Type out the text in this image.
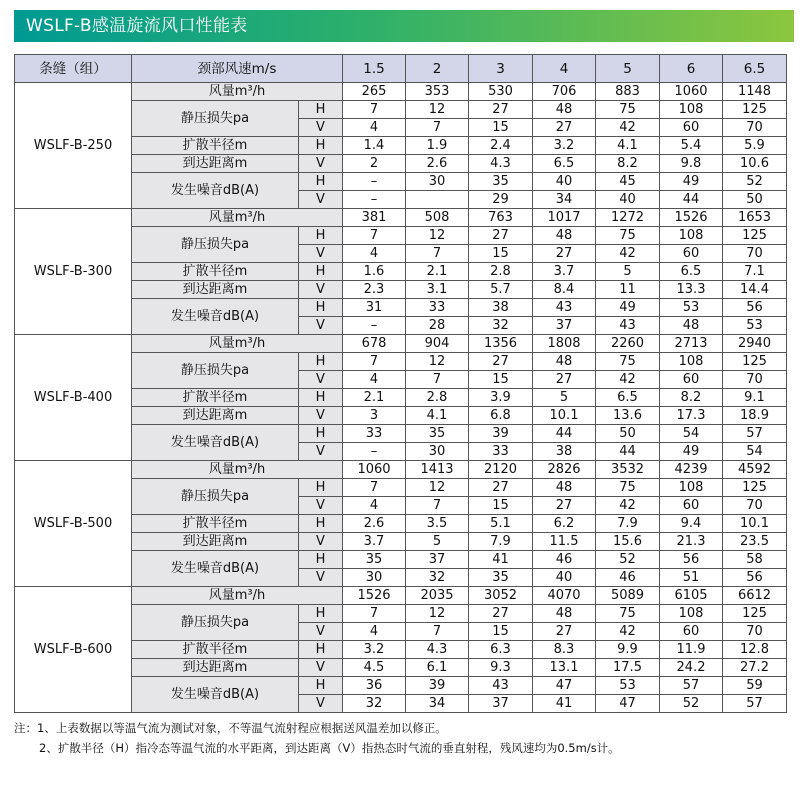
WSLF-B感温旋流风口性能表
条缝（组）	颈部风速m/s		1.5	2	3	4	5	6	6.5
WSLF-B-250	风量m³/h		265	353	530	706	883	1060	1148
	静压损失pa	H	7	12	27	48	75	108	125
		V	4	7	15	27	42	60	70
	扩散半径m	H	1.4	1.9	2.4	3.2	4.1	5.4	5.9
	到达距离m	V	2	2.6	4.3	6.5	8.2	9.8	10.6
	发生噪音dB(A)	H	–	30	35	40	45	49	52
		V	–		29	34	40	44	50
WSLF-B-300	风量m³/h		381	508	763	1017	1272	1526	1653
	静压损失pa	H	7	12	27	48	75	108	125
		V	4	7	15	27	42	60	70
	扩散半径m	H	1.6	2.1	2.8	3.7	5	6.5	7.1
	到达距离m	V	2.3	3.1	5.7	8.4	11	13.3	14.4
	发生噪音dB(A)	H	31	33	38	43	49	53	56
		V	–	28	32	37	43	48	53
WSLF-B-400	风量m³/h		678	904	1356	1808	2260	2713	2940
	静压损失pa	H	7	12	27	48	75	108	125
		V	4	7	15	27	42	60	70
	扩散半径m	H	2.1	2.8	3.9	5	6.5	8.2	9.1
	到达距离m	V	3	4.1	6.8	10.1	13.6	17.3	18.9
	发生噪音dB(A)	H	33	35	39	44	50	54	57
		V	–	30	33	38	44	49	54
WSLF-B-500	风量m³/h		1060	1413	2120	2826	3532	4239	4592
	静压损失pa	H	7	12	27	48	75	108	125
		V	4	7	15	27	42	60	70
	扩散半径m	H	2.6	3.5	5.1	6.2	7.9	9.4	10.1
	到达距离m	V	3.7	5	7.9	11.5	15.6	21.3	23.5
	发生噪音dB(A)	H	35	37	41	46	52	56	58
		V	30	32	35	40	46	51	56
WSLF-B-600	风量m³/h		1526	2035	3052	4070	5089	6105	6612
	静压损失pa	H	7	12	27	48	75	108	125
		V	4	7	15	27	42	60	70
	扩散半径m	H	3.2	4.3	6.3	8.3	9.9	11.9	12.8
	到达距离m	V	4.5	6.1	9.3	13.1	17.5	24.2	27.2
	发生噪音dB(A)	H	36	39	43	47	53	57	59
		V	32	34	37	41	47	52	57
注：1、上表数据以等温气流为测试对象，不等温气流射程应根据送风温差加以修正。
2、扩散半径（H）指冷态等温气流的水平距离，到达距离（V）指热态时气流的垂直射程，残风速均为0.5m/s计。
